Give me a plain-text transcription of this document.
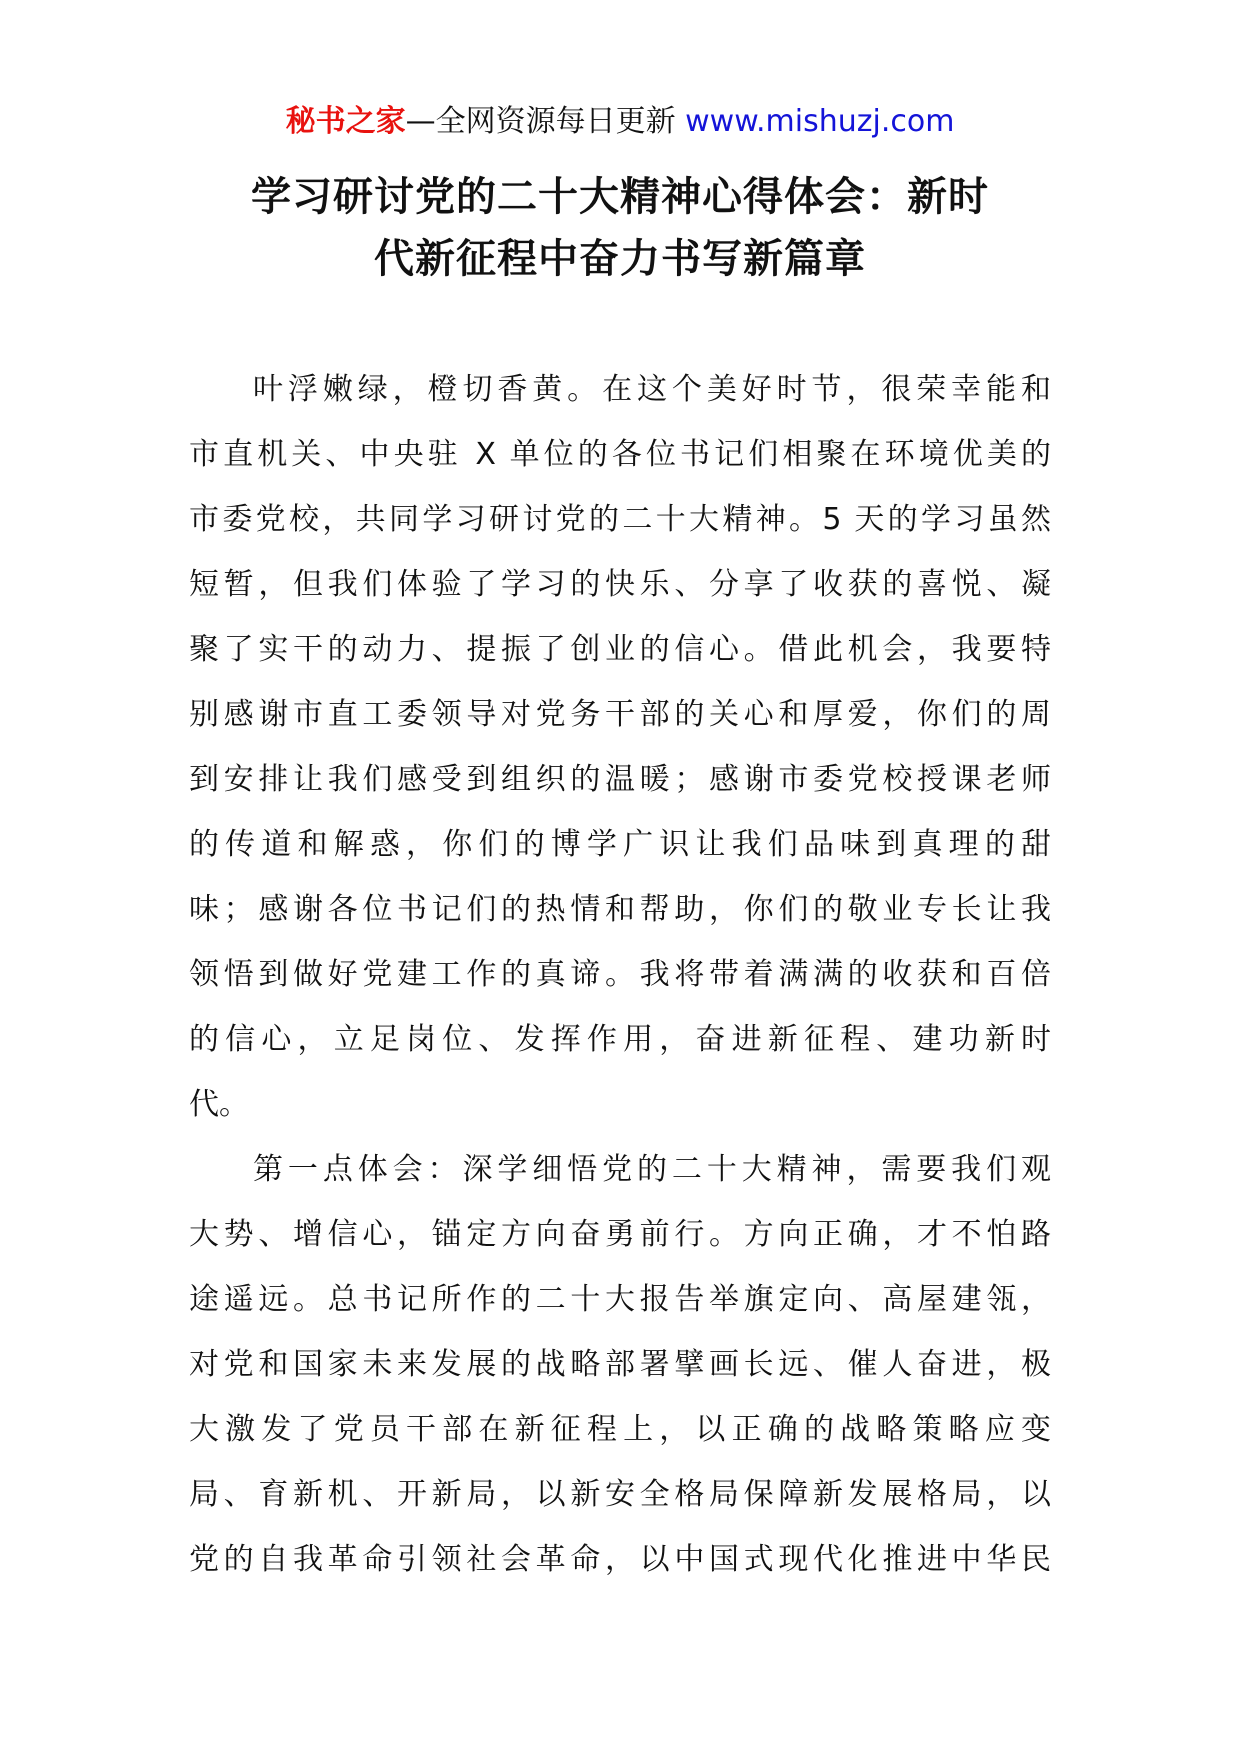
秘书之家—全网资源每日更新 www.mishuzj.com
学习研讨党的二十大精神心得体会：新时
代新征程中奋力书写新篇章
叶浮嫩绿，橙切香黄。在这个美好时节，很荣幸能和
市直机关、中央驻 X 单位的各位书记们相聚在环境优美的
市委党校，共同学习研讨党的二十大精神。5 天的学习虽然
短暂，但我们体验了学习的快乐、分享了收获的喜悦、凝
聚了实干的动力、提振了创业的信心。借此机会，我要特
别感谢市直工委领导对党务干部的关心和厚爱，你们的周
到安排让我们感受到组织的温暖；感谢市委党校授课老师
的传道和解惑，你们的博学广识让我们品味到真理的甜
味；感谢各位书记们的热情和帮助，你们的敬业专长让我
领悟到做好党建工作的真谛。我将带着满满的收获和百倍
的信心，立足岗位、发挥作用，奋进新征程、建功新时
代。
第一点体会：深学细悟党的二十大精神，需要我们观
大势、增信心，锚定方向奋勇前行。方向正确，才不怕路
途遥远。总书记所作的二十大报告举旗定向、高屋建瓴，
对党和国家未来发展的战略部署擘画长远、催人奋进，极
大激发了党员干部在新征程上，以正确的战略策略应变
局、育新机、开新局，以新安全格局保障新发展格局，以
党的自我革命引领社会革命，以中国式现代化推进中华民
